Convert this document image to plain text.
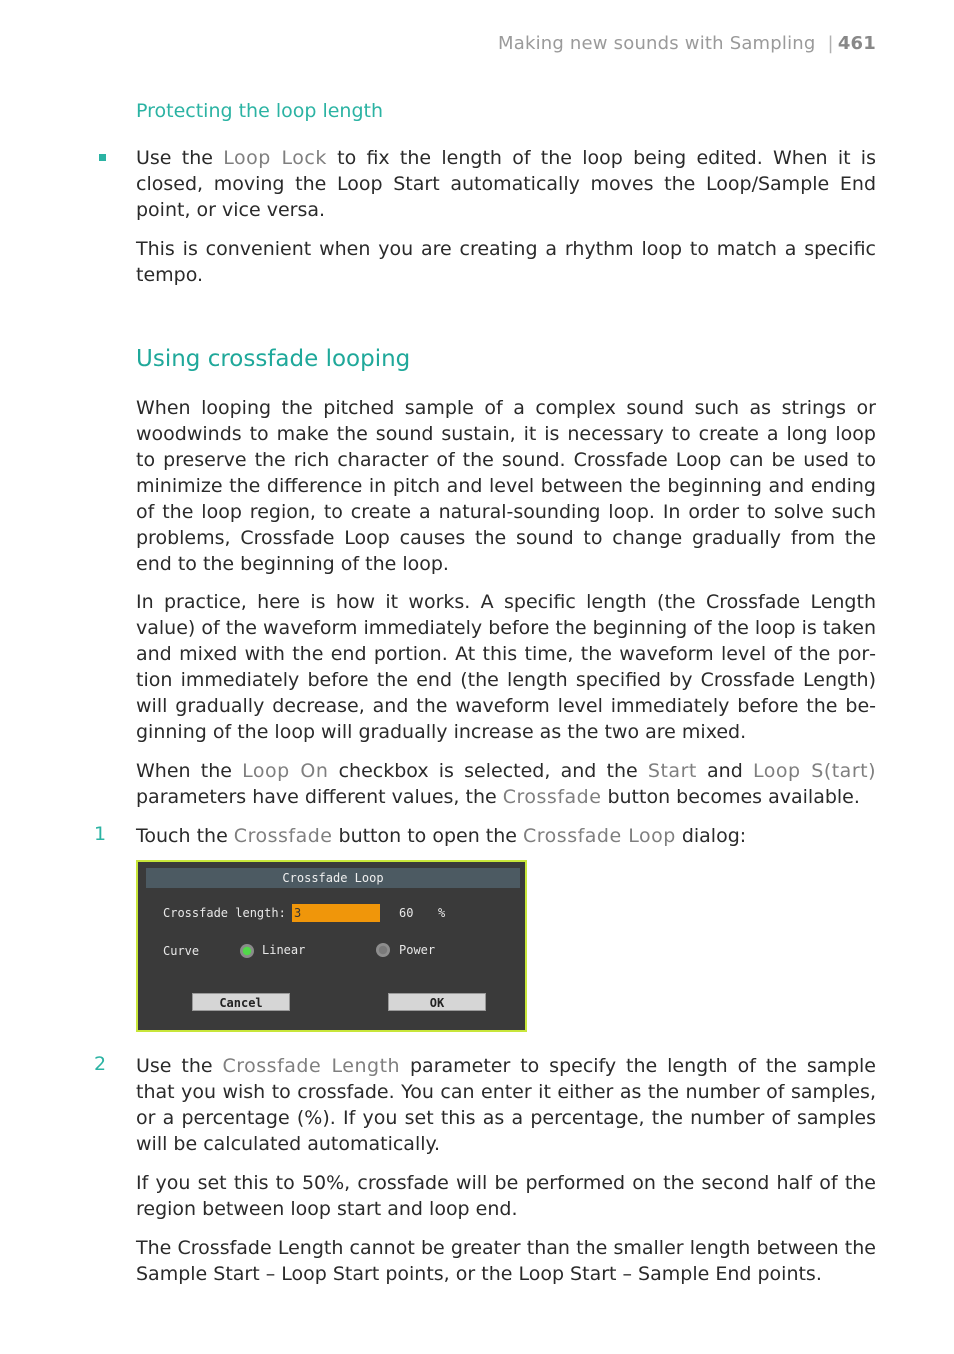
Making new sounds with Sampling | 461
Protecting the loop length
Use the Loop Lock to fix the length of the loop being edited. When it is closed, moving the Loop Start automatically moves the Loop/Sample End point, or vice versa.
This is convenient when you are creating a rhythm loop to match a specific tempo.
Using crossfade looping
When looping the pitched sample of a complex sound such as strings or woodwinds to make the sound sustain, it is necessary to create a long loop to preserve the rich character of the sound. Crossfade Loop can be used to minimize the difference in pitch and level between the beginning and ending of the loop region, to create a natural-sounding loop. In order to solve such problems, Crossfade Loop causes the sound to change gradually from the end to the beginning of the loop.
In practice, here is how it works. A specific length (the Crossfade Length value) of the waveform immediately before the beginning of the loop is taken and mixed with the end portion. At this time, the waveform level of the portion immediately before the end (the length specified by Crossfade Length) will gradually decrease, and the waveform level immediately before the beginning of the loop will gradually increase as the two are mixed.
When the Loop On checkbox is selected, and the Start and Loop S(tart) parameters have different values, the Crossfade button becomes available.
1 Touch the Crossfade button to open the Crossfade Loop dialog:
Crossfade Loop
Crossfade length: 3	60 %
Curve	Linear	Power
Cancel	OK
2 Use the Crossfade Length parameter to specify the length of the sample that you wish to crossfade. You can enter it either as the number of samples, or a percentage (%). If you set this as a percentage, the number of samples will be calculated automatically.
If you set this to 50%, crossfade will be performed on the second half of the region between loop start and loop end.
The Crossfade Length cannot be greater than the smaller length between the Sample Start – Loop Start points, or the Loop Start – Sample End points.
